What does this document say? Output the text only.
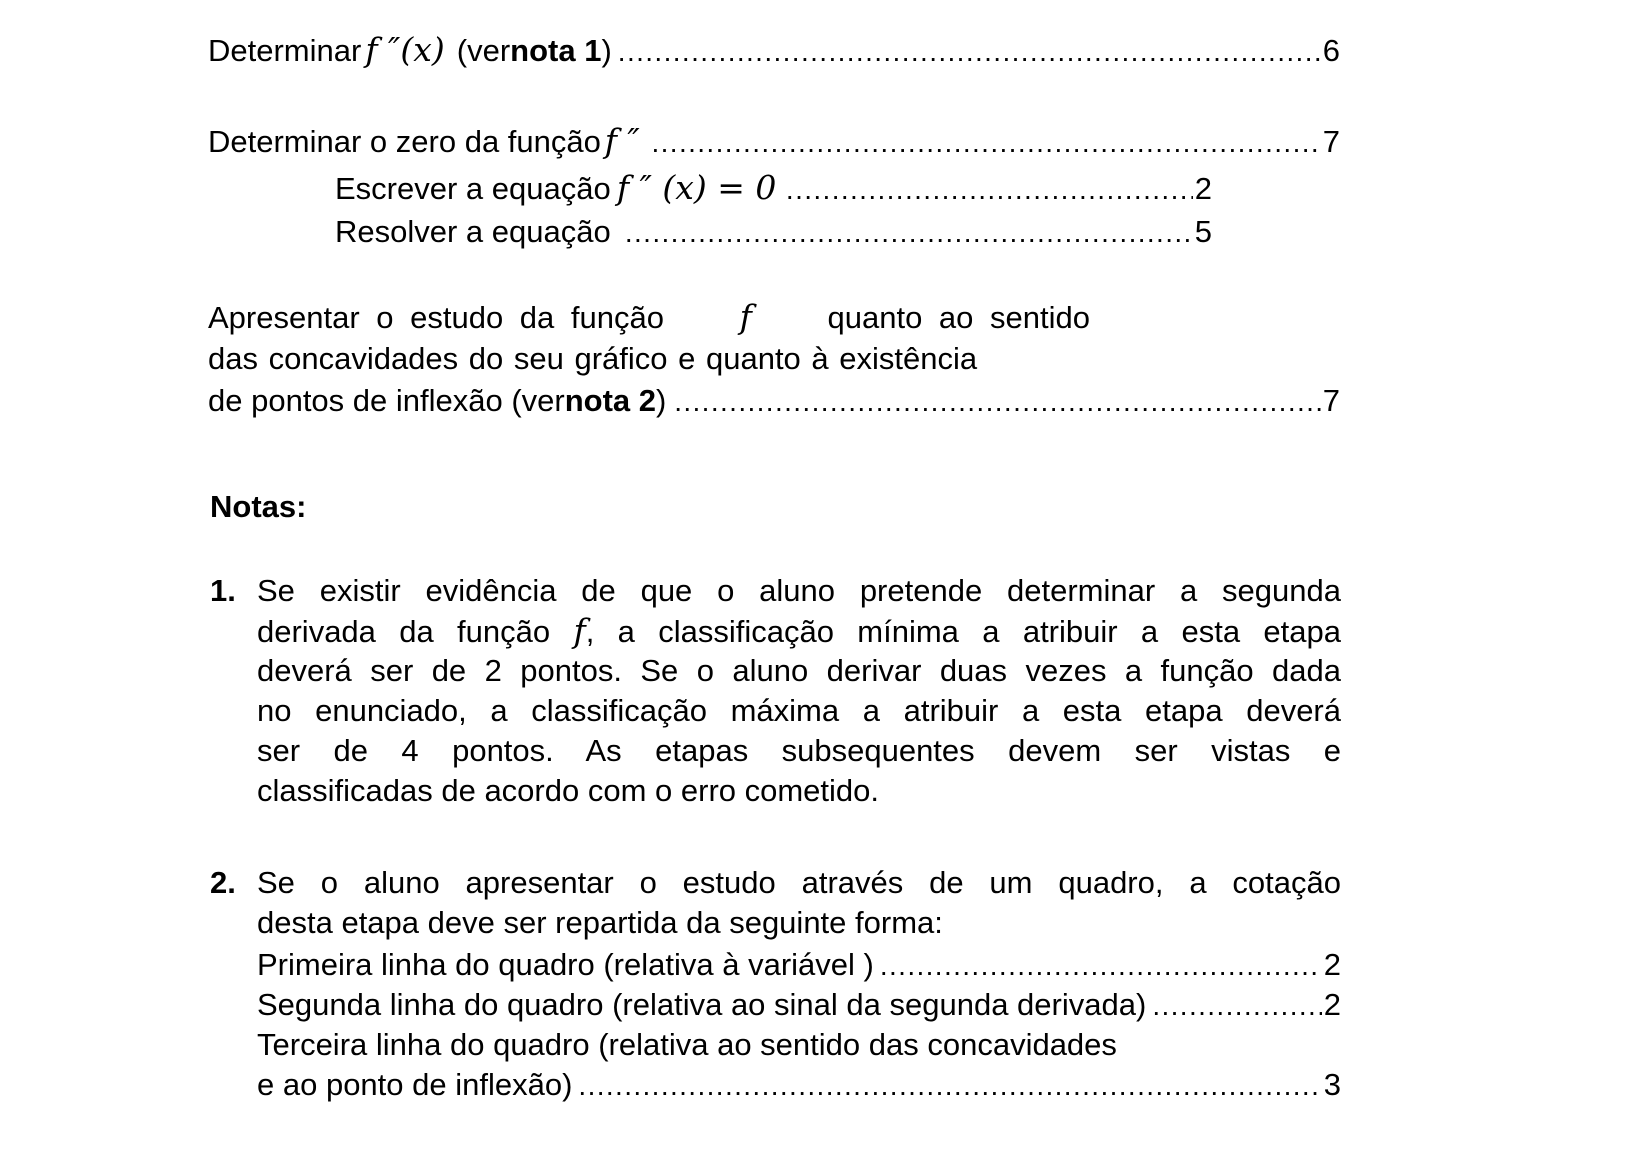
Determinar f ″(x) (ver nota 1 ) . . .	6
Determinar o zero da função f ″ . . .	7
Escrever a equação f ″ (x) = 0 . . .	2
Resolver a equação . . .	5
Apresentar o estudo da função f quanto ao sentido
das concavidades do seu gráfico e quanto à existência
de pontos de inflexão (ver nota 2 ) . . .	7
Notas:
1. Se existir evidência de que o aluno pretende determinar a segunda
derivada da função f, a classificação mínima a atribuir a esta etapa
deverá ser de 2 pontos. Se o aluno derivar duas vezes a função dada
no enunciado, a classificação máxima a atribuir a esta etapa deverá
ser de 4 pontos. As etapas subsequentes devem ser vistas e
classificadas de acordo com o erro cometido.
2. Se o aluno apresentar o estudo através de um quadro, a cotação
desta etapa deve ser repartida da seguinte forma:
Primeira linha do quadro (relativa à variável ) . . .	2
Segunda linha do quadro (relativa ao sinal da segunda derivada) . . .	2
Terceira linha do quadro (relativa ao sentido das concavidades
e ao ponto de inflexão) . . .	3
